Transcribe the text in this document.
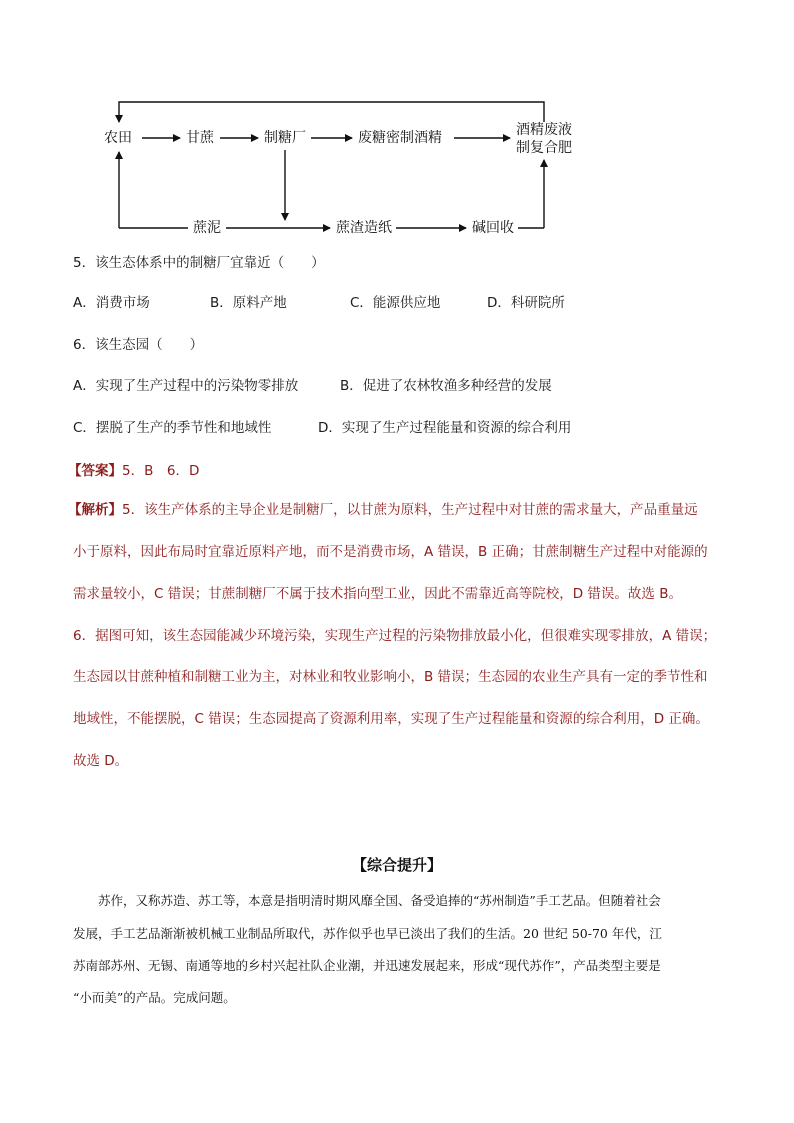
农田	甘蔗	制糖厂	废糖密制酒精	酒精废液
制复合肥
蔗泥	蔗渣造纸	碱回收
5．该生态体系中的制糖厂宜靠近（　　）
A．消费市场	B．原料产地	C．能源供应地	D．科研院所
6．该生态园（　　）
A．实现了生产过程中的污染物零排放	B．促进了农林牧渔多种经营的发展
C．摆脱了生产的季节性和地域性	D．实现了生产过程能量和资源的综合利用
【答案】5．B　6．D
【解析】5．该生产体系的主导企业是制糖厂，以甘蔗为原料，生产过程中对甘蔗的需求量大，产品重量远
小于原料，因此布局时宜靠近原料产地，而不是消费市场，A 错误，B 正确；甘蔗制糖生产过程中对能源的
需求量较小，C 错误；甘蔗制糖厂不属于技术指向型工业，因此不需靠近高等院校，D 错误。故选 B。
6．据图可知，该生态园能减少环境污染，实现生产过程的污染物排放最小化，但很难实现零排放，A 错误；
生态园以甘蔗种植和制糖工业为主，对林业和牧业影响小，B 错误；生态园的农业生产具有一定的季节性和
地域性，不能摆脱，C 错误；生态园提高了资源利用率，实现了生产过程能量和资源的综合利用，D 正确。
故选 D。
【综合提升】
苏作，又称苏造、苏工等，本意是指明清时期风靡全国、备受追捧的“苏州制造”手工艺品。但随着社会
发展，手工艺品渐渐被机械工业制品所取代，苏作似乎也早已淡出了我们的生活。20 世纪 50-70 年代，江
苏南部苏州、无锡、南通等地的乡村兴起社队企业潮，并迅速发展起来，形成“现代苏作”，产品类型主要是
“小而美”的产品。完成问题。
